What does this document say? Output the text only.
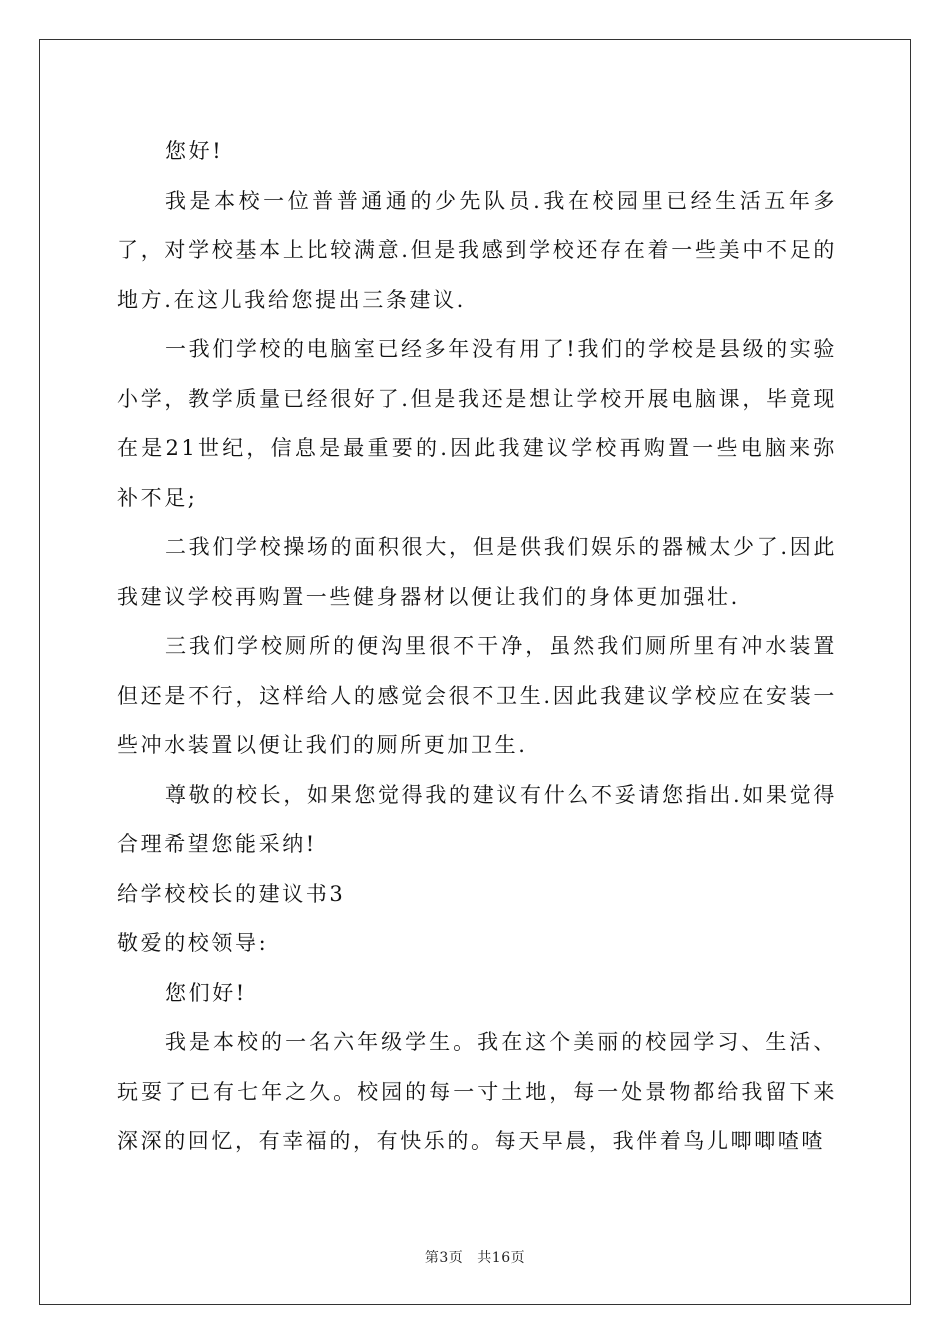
您好!

我是本校一位普普通通的少先队员.我在校园里已经生活五年多了，对学校基本上比较满意.但是我感到学校还存在着一些美中不足的地方.在这儿我给您提出三条建议.

一我们学校的电脑室已经多年没有用了!我们的学校是县级的实验小学，教学质量已经很好了.但是我还是想让学校开展电脑课，毕竟现在是21世纪，信息是最重要的.因此我建议学校再购置一些电脑来弥补不足;

二我们学校操场的面积很大，但是供我们娱乐的器械太少了.因此我建议学校再购置一些健身器材以便让我们的身体更加强壮.

三我们学校厕所的便沟里很不干净，虽然我们厕所里有冲水装置但还是不行，这样给人的感觉会很不卫生.因此我建议学校应在安装一些冲水装置以便让我们的厕所更加卫生.

尊敬的校长，如果您觉得我的建议有什么不妥请您指出.如果觉得合理希望您能采纳!

给学校校长的建议书3

敬爱的校领导:

您们好!

我是本校的一名六年级学生。我在这个美丽的校园学习、生活、玩耍了已有七年之久。校园的每一寸土地，每一处景物都给我留下来深深的回忆，有幸福的，有快乐的。每天早晨，我伴着鸟儿唧唧喳喳

第3页 共16页
